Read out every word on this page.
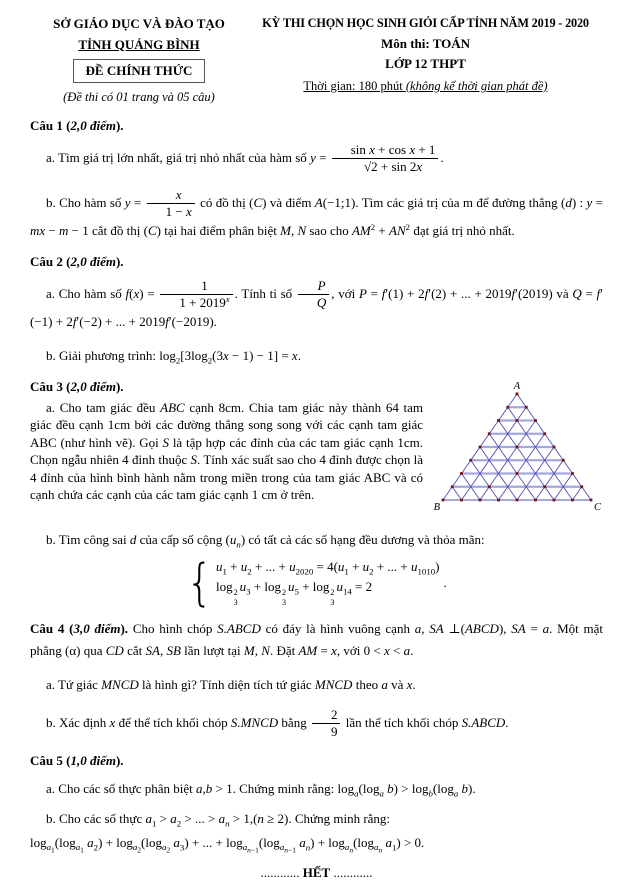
SỞ GIÁO DỤC VÀ ĐÀO TẠO
TỈNH QUẢNG BÌNH
ĐỀ CHÍNH THỨC
(Đề thi có 01 trang và 05 câu)
KỲ THI CHỌN HỌC SINH GIỎI CẤP TỈNH NĂM 2019 - 2020
Môn thi: TOÁN
LỚP 12 THPT
Thời gian: 180 phút (không kể thời gian phát đề)
Câu 1 (2,0 điểm).

a. Tìm giá trị lớn nhất, giá trị nhỏ nhất của hàm số $y = \frac{\text{sin x + cos x + 1}}{√2 + \sin 2x}$ .

b. Cho hàm số $y = \frac{x}{1 - x}$ có đồ thị (C) và điểm A(−1;1). Tìm các giá trị của m để đường thẳng (d) : y = mx − m − 1 cắt đồ thị (C) tại hai điểm phân biệt M, N sao cho $AM^2 + AN^2$ đạt giá trị nhỏ nhất.

Câu 2 (2,0 điểm).

a. Cho hàm số $f(x) = \frac{1}{1 + 2019^x}$ . Tính tỉ số $\frac{P}{Q}$ , với P = f′(1) + 2f′(2) + ... + 2019f′(2019) và Q = f′(−1) + 2f′(−2) + ... + 2019f′(−2019).

b. Giải phương trình: $\log_2[3\log_2(3x - 1) - 1] = x$.

A
B	C
Câu 3 (2,0 điểm).

a. Cho tam giác đều ABC cạnh 8cm. Chia tam giác này thành 64 tam giác đều cạnh 1cm bởi các đường thẳng song song với các cạnh tam giác ABC (như hình vẽ). Gọi S là tập hợp các đỉnh của các tam giác cạnh 1cm. Chọn ngẫu nhiên 4 đỉnh thuộc S. Tính xác suất sao cho 4 đỉnh được chọn là 4 đỉnh của hình bình hành nằm trong miền trong của tam giác ABC và có cạnh chứa các cạnh của các tam giác cạnh 1 cm ở trên.

b. Tìm công sai d của cấp số cộng $(u_n)$ có tất cả các số hạng đều dương và thỏa mãn:

{ $u_1 + u_2$ + ... + $u_{2020} = 4(u_1 + u_2$ + ... + $u_{1010}$)
log 2
3
$u_3 + \log 2$
3
$u_5 + \log 2$
3
$u_{14} = 2$	.

Câu 4 (3,0 điểm). Cho hình chóp S.ABCD có đáy là hình vuông cạnh a, SA ⊥(ABCD), SA = a. Một mặt phẳng (α) qua CD cắt SA, SB lần lượt tại M, N. Đặt AM = x, với 0 < x < a.

a. Tứ giác MNCD là hình gì? Tính diện tích tứ giác MNCD theo a và x.

b. Xác định x để thể tích khối chóp S.MNCD bằng $\frac{2}{9}$ lần thể tích khối chóp S.ABCD.

Câu 5 (1,0 điểm).

a. Cho các số thực phân biệt a,b > 1. Chứng minh rằng: $\log_a(\log_a$ $b) > \log_b(\log_a$ b).

b. Cho các số thực $a_1 > a_2$ > ... > $a_n > 1,(n \ge 2)$. Chứng minh rằng:

$\log_{a_1}(\log_{a_1}$ $a_2) + \log_{a_2}(\log_{a_2}$ $a_3$) + ... + $\log_{a_{n-1}}(\log_{a_{n-1}}$ $a_n) + \log_{a_n}(\log_{a_n}$ $a_1) > 0$.

............ HẾT ............
